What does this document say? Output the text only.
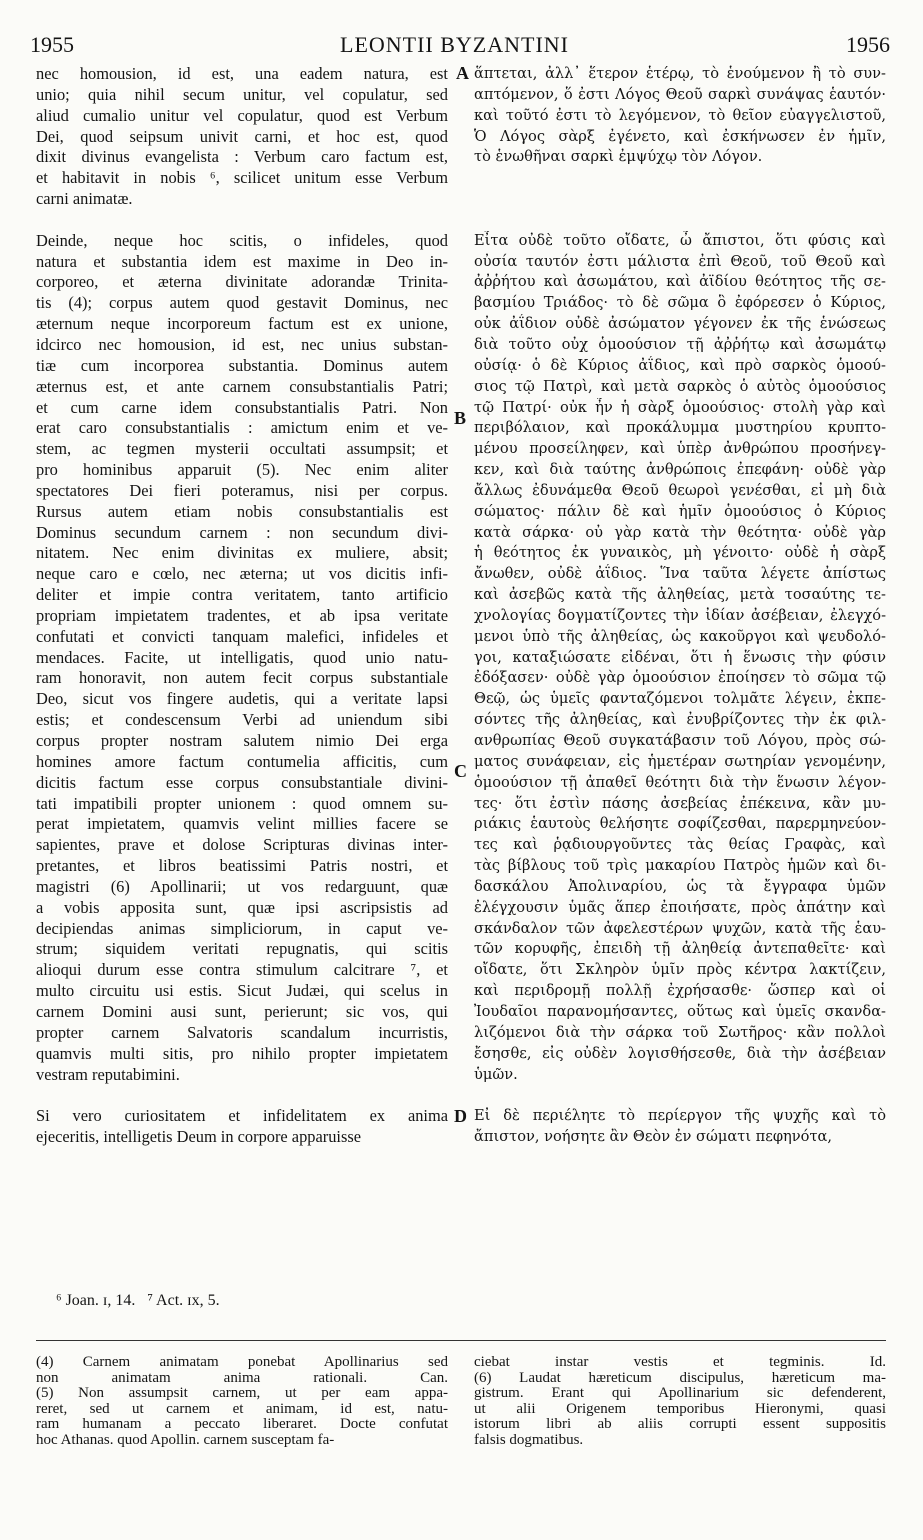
1955	LEONTII BYZANTINI	1956
A
B
C
D
nec homousion, id est, una eadem natura, est
unio; quia nihil secum unitur, vel copulatur, sed
aliud cumalio unitur vel copulatur, quod est Verbum
Dei, quod seipsum univit carni, et hoc est, quod
dixit divinus evangelista : Verbum caro factum est,
et habitavit in nobis ⁶, scilicet unitum esse Verbum
carni animatæ.

Deinde, neque hoc scitis, o infideles, quod
natura et substantia idem est maxime in Deo in-
corporeo, et æterna divinitate adorandæ Trinita-
tis (4); corpus autem quod gestavit Dominus, nec
æternum neque incorporeum factum est ex unione,
idcirco nec homousion, id est, nec unius substan-
tiæ cum incorporea substantia. Dominus autem
æternus est, et ante carnem consubstantialis Patri;
et cum carne idem consubstantialis Patri. Non
erat caro consubstantialis : amictum enim et ve-
stem, ac tegmen mysterii occultati assumpsit; et
pro hominibus apparuit (5). Nec enim aliter
spectatores Dei fieri poteramus, nisi per corpus.
Rursus autem etiam nobis consubstantialis est
Dominus secundum carnem : non secundum divi-
nitatem. Nec enim divinitas ex muliere, absit;
neque caro e cœlo, nec æterna; ut vos dicitis infi-
deliter et impie contra veritatem, tanto artificio
propriam impietatem tradentes, et ab ipsa veritate
confutati et convicti tanquam malefici, infideles et
mendaces. Facite, ut intelligatis, quod unio natu-
ram honoravit, non autem fecit corpus substantiale
Deo, sicut vos fingere audetis, qui a veritate lapsi
estis; et condescensum Verbi ad uniendum sibi
corpus propter nostram salutem nimio Dei erga
homines amore factum contumelia afficitis, cum
dicitis factum esse corpus consubstantiale divini-
tati impatibili propter unionem : quod omnem su-
perat impietatem, quamvis velint millies facere se
sapientes, prave et dolose Scripturas divinas inter-
pretantes, et libros beatissimi Patris nostri, et
magistri (6) Apollinarii; ut vos redarguunt, quæ
a vobis apposita sunt, quæ ipsi ascripsistis ad
decipiendas animas simpliciorum, in caput ve-
strum; siquidem veritati repugnatis, qui scitis
alioqui durum esse contra stimulum calcitrare ⁷, et
multo circuitu usi estis. Sicut Judæi, qui scelus in
carnem Domini ausi sunt, perierunt; sic vos, qui
propter carnem Salvatoris scandalum incurristis,
quamvis multi sitis, pro nihilo propter impietatem
vestram reputabimini.

Si vero curiositatem et infidelitatem ex anima
ejeceritis, intelligetis Deum in corpore apparuisse
ἅπτεται, ἀλλ᾽ ἕτερον ἑτέρῳ, τὸ ἑνούμενον ἢ τὸ συν-
απτόμενον, ὅ ἐστι Λόγος Θεοῦ σαρκὶ συνάψας ἑαυτόν·
καὶ τοῦτό ἐστι τὸ λεγόμενον, τὸ θεῖον εὐαγγελιστοῦ,
Ὁ Λόγος σὰρξ ἐγένετο, καὶ ἐσκήνωσεν ἐν ἡμῖν,
τὸ ἑνωθῆναι σαρκὶ ἐμψύχῳ τὸν Λόγον.

Εἶτα οὐδὲ τοῦτο οἴδατε, ὦ ἄπιστοι, ὅτι φύσις καὶ
οὐσία ταυτόν ἐστι μάλιστα ἐπὶ Θεοῦ, τοῦ Θεοῦ καὶ
ἀῤῥήτου καὶ ἀσωμάτου, καὶ ἀϊδίου θεότητος τῆς σε-
βασμίου Τριάδος· τὸ δὲ σῶμα ὃ ἐφόρεσεν ὁ Κύριος,
οὐκ ἀΐδιον οὐδὲ ἀσώματον γέγονεν ἐκ τῆς ἑνώσεως
διὰ τοῦτο οὐχ ὁμοούσιον τῇ ἀῤῥήτῳ καὶ ἀσωμάτῳ
οὐσίᾳ· ὁ δὲ Κύριος ἀΐδιος, καὶ πρὸ σαρκὸς ὁμοού-
σιος τῷ Πατρὶ, καὶ μετὰ σαρκὸς ὁ αὐτὸς ὁμοούσιος
τῷ Πατρί· οὐκ ἦν ἡ σὰρξ ὁμοούσιος· στολὴ γὰρ καὶ
περιβόλαιον, καὶ προκάλυμμα μυστηρίου κρυπτο-
μένου προσείληφεν, καὶ ὑπὲρ ἀνθρώπου προσήνεγ-
κεν, καὶ διὰ ταύτης ἀνθρώποις ἐπεφάνη· οὐδὲ γὰρ
ἄλλως ἐδυνάμεθα Θεοῦ θεωροὶ γενέσθαι, εἰ μὴ διὰ
σώματος· πάλιν δὲ καὶ ἡμῖν ὁμοούσιος ὁ Κύριος
κατὰ σάρκα· οὐ γὰρ κατὰ τὴν θεότητα· οὐδὲ γὰρ
ἡ θεότητος ἐκ γυναικὸς, μὴ γένοιτο· οὐδὲ ἡ σὰρξ
ἄνωθεν, οὐδὲ ἀΐδιος. Ἵνα ταῦτα λέγετε ἀπίστως
καὶ ἀσεβῶς κατὰ τῆς ἀληθείας, μετὰ τοσαύτης τε-
χνολογίας δογματίζοντες τὴν ἰδίαν ἀσέβειαν, ἐλεγχό-
μενοι ὑπὸ τῆς ἀληθείας, ὡς κακοῦργοι καὶ ψευδολό-
γοι, καταξιώσατε εἰδέναι, ὅτι ἡ ἕνωσις τὴν φύσιν
ἐδόξασεν· οὐδὲ γὰρ ὁμοούσιον ἐποίησεν τὸ σῶμα τῷ
Θεῷ, ὡς ὑμεῖς φανταζόμενοι τολμᾶτε λέγειν, ἐκπε-
σόντες τῆς ἀληθείας, καὶ ἐνυβρίζοντες τὴν ἐκ φιλ-
ανθρωπίας Θεοῦ συγκατάβασιν τοῦ Λόγου, πρὸς σώ-
ματος συνάφειαν, εἰς ἡμετέραν σωτηρίαν γενομένην,
ὁμοούσιον τῇ ἀπαθεῖ θεότητι διὰ τὴν ἕνωσιν λέγον-
τες· ὅτι ἐστὶν πάσης ἀσεβείας ἐπέκεινα, κἂν μυ-
ριάκις ἑαυτοὺς θελήσητε σοφίζεσθαι, παρερμηνεύον-
τες καὶ ῥᾳδιουργοῦντες τὰς θείας Γραφὰς, καὶ
τὰς βίβλους τοῦ τρὶς μακαρίου Πατρὸς ἡμῶν καὶ δι-
δασκάλου Ἀπολιναρίου, ὡς τὰ ἔγγραφα ὑμῶν
ἐλέγχουσιν ὑμᾶς ἅπερ ἐποιήσατε, πρὸς ἀπάτην καὶ
σκάνδαλον τῶν ἀφελεστέρων ψυχῶν, κατὰ τῆς ἑαυ-
τῶν κορυφῆς, ἐπειδὴ τῇ ἀληθείᾳ ἀντεπαθεῖτε· καὶ
οἴδατε, ὅτι Σκληρὸν ὑμῖν πρὸς κέντρα λακτίζειν,
καὶ περιδρομῇ πολλῇ ἐχρήσασθε· ὥσπερ καὶ οἱ
Ἰουδαῖοι παρανομήσαντες, οὕτως καὶ ὑμεῖς σκανδα-
λιζόμενοι διὰ τὴν σάρκα τοῦ Σωτῆρος· κἂν πολλοὶ
ἔσησθε, εἰς οὐδὲν λογισθήσεσθε, διὰ τὴν ἀσέβειαν
ὑμῶν.

Εἰ δὲ περιέλητε τὸ περίεργον τῆς ψυχῆς καὶ τὸ
ἄπιστον, νοήσητε ἂν Θεὸν ἐν σώματι πεφηνότα,
⁶ Joan. ɪ, 14.   ⁷ Act. ɪx, 5.
(4) Carnem animatam ponebat Apollinarius sed
non animatam anima rationali. Can.
(5) Non assumpsit carnem, ut per eam appa-
reret, sed ut carnem et animam, id est, natu-
ram humanam a peccato liberaret. Docte confutat
hoc Athanas. quod Apollin. carnem susceptam fa-
ciebat instar vestis et tegminis. Id.
(6) Laudat hæreticum discipulus, hæreticum ma-
gistrum. Erant qui Apollinarium sic defenderent,
ut alii Origenem temporibus Hieronymi, quasi
istorum libri ab aliis corrupti essent suppositis
falsis dogmatibus.
